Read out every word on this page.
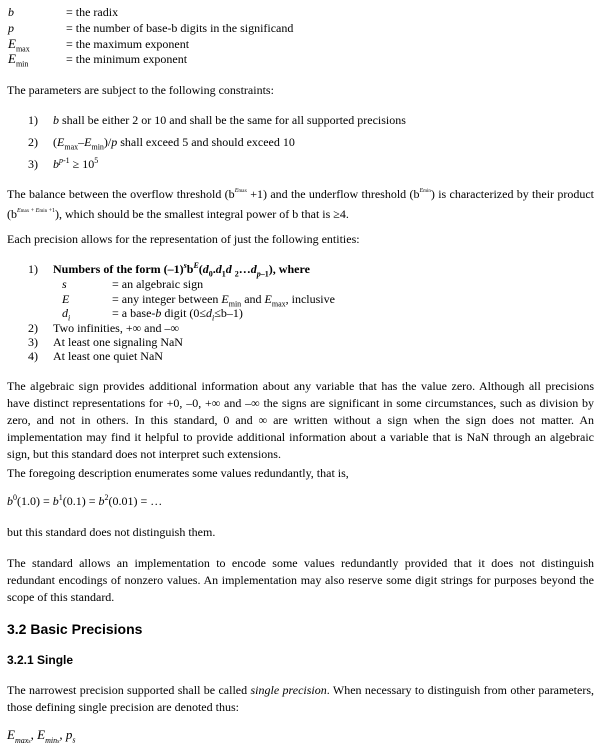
b	= the radix
p	= the number of base-b digits in the significand
$E_{max}$	= the maximum exponent
$E_{min}$	= the minimum exponent
The parameters are subject to the following constraints:
1) b shall be either 2 or 10 and shall be the same for all supported precisions
2) $(E_{max}-E_{min})/p$ shall exceed 5 and should exceed 10
3) $b^{p-1} \ge 10^5$
The balance between the overflow threshold $(b^{Emax} +1)$ and the underflow threshold $(b^{Emin})$ is characterized by their product $(b^{Emax + Emin +1})$, which should be the smallest integral power of b that is ≥4.
Each precision allows for the representation of just the following entities:
1) Numbers of the form $(-1)^sb^E(d_0.d_1d$ $_2\dots d_{p-1}$), where
s	= an algebraic sign
E	= any integer between $E_{min}$ and $E_{max}$, inclusive
$d_i$	= a base-b digit $(0\le d_i\le b-1)$
2) Two infinities, +∞ and –∞
3) At least one signaling NaN
4) At least one quiet NaN
The algebraic sign provides additional information about any variable that has the value zero. Although all precisions have distinct representations for +0, –0, +∞ and –∞ the signs are significant in some circumstances, such as division by zero, and not in others. In this standard, 0 and ∞ are written without a sign when the sign does not matter. An implementation may find it helpful to provide additional information about a variable that is NaN through an algebraic sign, but this standard does not interpret such extensions.
The foregoing description enumerates some values redundantly, that is,
$b^0(1.0) = b^1(0.1) = b^2(0.01)$ = …
but this standard does not distinguish them.
The standard allows an implementation to encode some values redundantly provided that it does not distinguish redundant encodings of nonzero values. An implementation may also reserve some digit strings for purposes beyond the scope of this standard.
3.2 Basic Precisions
3.2.1 Single
The narrowest precision supported shall be called single precision. When necessary to distinguish from other parameters, those defining single precision are denoted thus:
$E_{maxs}$, $E_{mins}$, $p_s$
